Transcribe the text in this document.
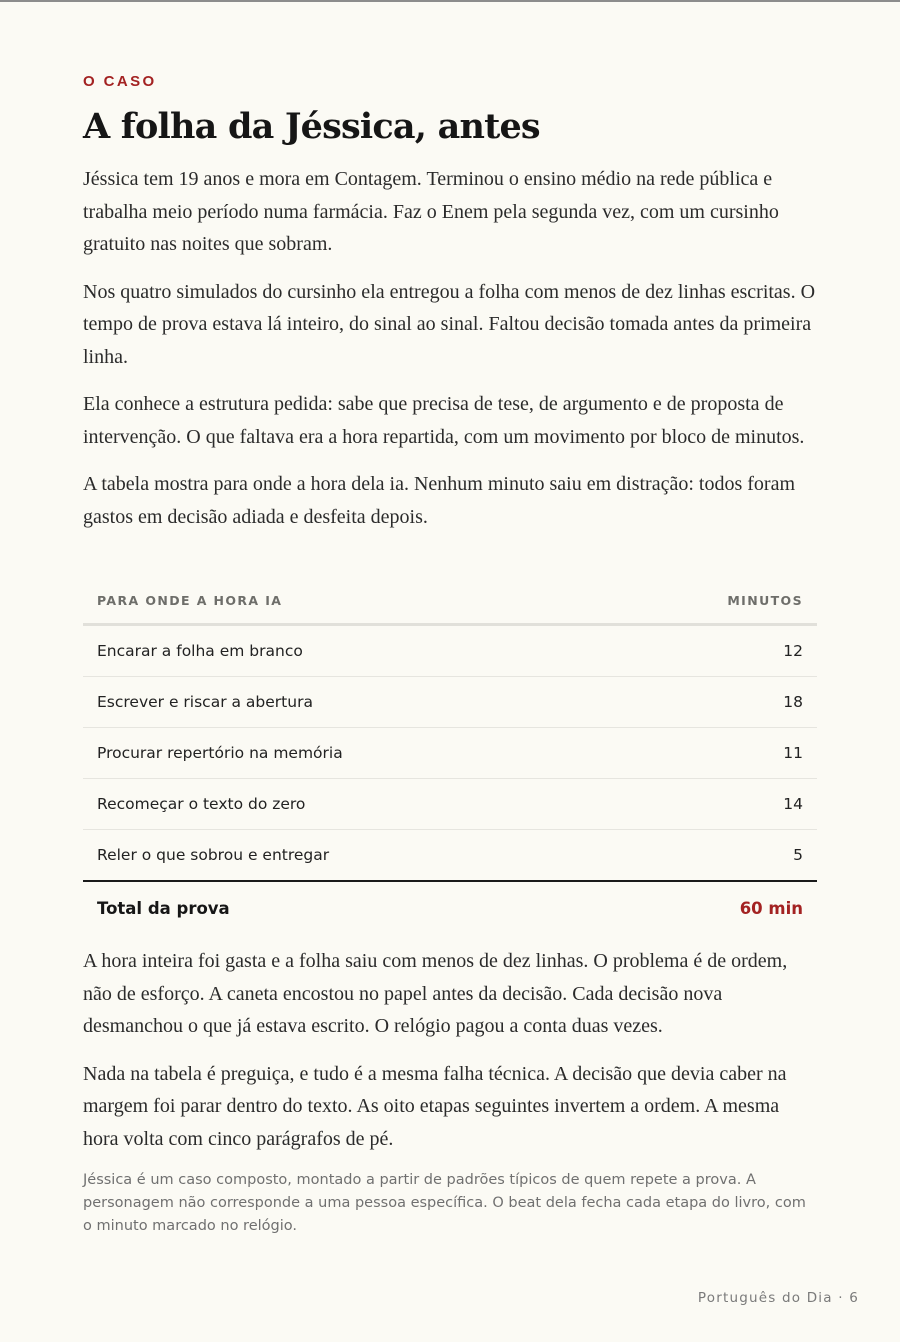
O CASO
A folha da Jéssica, antes

Jéssica tem 19 anos e mora em Contagem. Terminou o ensino médio na rede pública e trabalha meio período numa farmácia. Faz o Enem pela segunda vez, com um cursinho gratuito nas noites que sobram.

Nos quatro simulados do cursinho ela entregou a folha com menos de dez linhas escritas. O tempo de prova estava lá inteiro, do sinal ao sinal. Faltou decisão tomada antes da primeira linha.

Ela conhece a estrutura pedida: sabe que precisa de tese, de argumento e de proposta de intervenção. O que faltava era a hora repartida, com um movimento por bloco de minutos.

A tabela mostra para onde a hora dela ia. Nenhum minuto saiu em distração: todos foram gastos em decisão adiada e desfeita depois.

PARA ONDE A HORA IA	MINUTOS
Encarar a folha em branco	12
Escrever e riscar a abertura	18
Procurar repertório na memória	11
Recomeçar o texto do zero	14
Reler o que sobrou e entregar	5
Total da prova	60 min

A hora inteira foi gasta e a folha saiu com menos de dez linhas. O problema é de ordem, não de esforço. A caneta encostou no papel antes da decisão. Cada decisão nova desmanchou o que já estava escrito. O relógio pagou a conta duas vezes.

Nada na tabela é preguiça, e tudo é a mesma falha técnica. A decisão que devia caber na margem foi parar dentro do texto. As oito etapas seguintes invertem a ordem. A mesma hora volta com cinco parágrafos de pé.

Jéssica é um caso composto, montado a partir de padrões típicos de quem repete a prova. A personagem não corresponde a uma pessoa específica. O beat dela fecha cada etapa do livro, com o minuto marcado no relógio.

Português do Dia · 6
